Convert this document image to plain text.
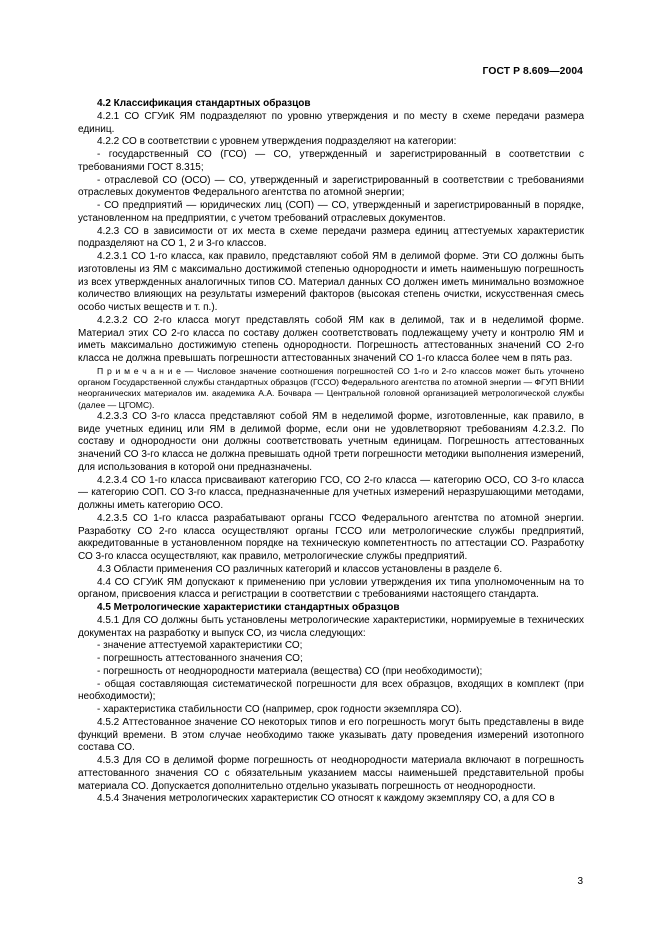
ГОСТ Р 8.609—2004

4.2 Классификация стандартных образцов

4.2.1 СО СГУиК ЯМ подразделяют по уровню утверждения и по месту в схеме передачи размера единиц.

4.2.2 СО в соответствии с уровнем утверждения подразделяют на категории:

- государственный СО (ГСО) — СО, утвержденный и зарегистрированный в соответствии с требованиями ГОСТ 8.315;

- отраслевой СО (ОСО) — СО, утвержденный и зарегистрированный в соответствии с требованиями отраслевых документов Федерального агентства по атомной энергии;

- СО предприятий — юридических лиц (СОП) — СО, утвержденный и зарегистрированный в порядке, установленном на предприятии, с учетом требований отраслевых документов.

4.2.3 СО в зависимости от их места в схеме передачи размера единиц аттестуемых характеристик подразделяют на СО 1, 2 и 3-го классов.

4.2.3.1 СО 1-го класса, как правило, представляют собой ЯМ в делимой форме. Эти СО должны быть изготовлены из ЯМ с максимально достижимой степенью однородности и иметь наименьшую погрешность из всех утвержденных аналогичных типов СО. Материал данных СО должен иметь минимально возможное количество влияющих на результаты измерений факторов (высокая степень очистки, искусственная смесь особо чистых веществ и т. п.).

4.2.3.2 СО 2-го класса могут представлять собой ЯМ как в делимой, так и в неделимой форме. Материал этих СО 2-го класса по составу должен соответствовать подлежащему учету и контролю ЯМ и иметь максимально достижимую степень однородности. Погрешность аттестованных значений СО 2-го класса не должна превышать погрешности аттестованных значений СО 1-го класса более чем в пять раз.

П р и м е ч а н и е — Числовое значение соотношения погрешностей СО 1-го и 2-го классов может быть уточнено органом Государственной службы стандартных образцов (ГССО) Федерального агентства по атомной энергии — ФГУП ВНИИ неорганических материалов им. академика А.А. Бочвара — Центральной головной организацией метрологической службы (далее — ЦГОМС).

4.2.3.3 СО 3-го класса представляют собой ЯМ в неделимой форме, изготовленные, как правило, в виде учетных единиц или ЯМ в делимой форме, если они не удовлетворяют требованиям 4.2.3.2. По составу и однородности они должны соответствовать учетным единицам. Погрешность аттестованных значений СО 3-го класса не должна превышать одной трети погрешности методики выполнения измерений, для использования в которой они предназначены.

4.2.3.4 СО 1-го класса присваивают категорию ГСО, СО 2-го класса — категорию ОСО, СО 3-го класса — категорию СОП. СО 3-го класса, предназначенные для учетных измерений неразрушающими методами, должны иметь категорию ОСО.

4.2.3.5 СО 1-го класса разрабатывают органы ГССО Федерального агентства по атомной энергии. Разработку СО 2-го класса осуществляют органы ГССО или метрологические службы предприятий, аккредитованные в установленном порядке на техническую компетентность по аттестации СО. Разработку СО 3-го класса осуществляют, как правило, метрологические службы предприятий.

4.3 Области применения СО различных категорий и классов установлены в разделе 6.

4.4 СО СГУиК ЯМ допускают к применению при условии утверждения их типа уполномоченным на то органом, присвоения класса и регистрации в соответствии с требованиями настоящего стандарта.

4.5 Метрологические характеристики стандартных образцов

4.5.1 Для СО должны быть установлены метрологические характеристики, нормируемые в технических документах на разработку и выпуск СО, из числа следующих:

- значение аттестуемой характеристики СО;

- погрешность аттестованного значения СО;

- погрешность от неоднородности материала (вещества) СО (при необходимости);

- общая составляющая систематической погрешности для всех образцов, входящих в комплект (при необходимости);

- характеристика стабильности СО (например, срок годности экземпляра СО).

4.5.2 Аттестованное значение СО некоторых типов и его погрешность могут быть представлены в виде функций времени. В этом случае необходимо также указывать дату проведения измерений изотопного состава СО.

4.5.3 Для СО в делимой форме погрешность от неоднородности материала включают в погрешность аттестованного значения СО с обязательным указанием массы наименьшей представительной пробы материала СО. Допускается дополнительно отдельно указывать погрешность от неоднородности.

4.5.4 Значения метрологических характеристик СО относят к каждому экземпляру СО, а для СО в

3
